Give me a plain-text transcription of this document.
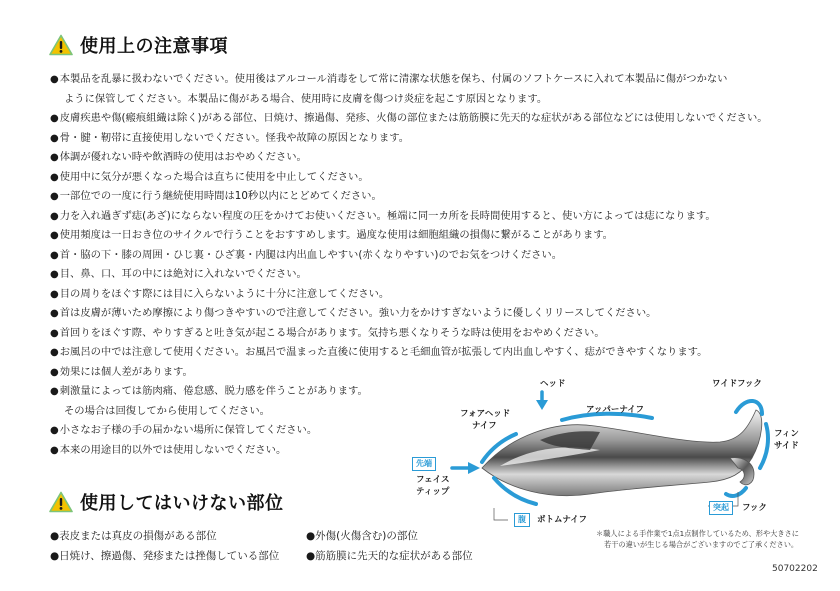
使用上の注意事項
●本製品を乱暴に扱わないでください。使用後はアルコール消毒をして常に清潔な状態を保ち、付属のソフトケースに入れて本製品に傷がつかない
ように保管してください。本製品に傷がある場合、使用時に皮膚を傷つけ炎症を起こす原因となります。
●皮膚疾患や傷(瘢痕組織は除く)がある部位、日焼け、擦過傷、発疹、火傷の部位または筋筋膜に先天的な症状がある部位などには使用しないでください。
●骨・腱・靭帯に直接使用しないでください。怪我や故障の原因となります。
●体調が優れない時や飲酒時の使用はおやめください。
●使用中に気分が悪くなった場合は直ちに使用を中止してください。
●一部位での一度に行う継続使用時間は10秒以内にとどめてください。
●力を入れ過ぎず痣(あざ)にならない程度の圧をかけてお使いください。極端に同一カ所を長時間使用すると、使い方によっては痣になります。
●使用頻度は一日おき位のサイクルで行うことをおすすめします。過度な使用は細胞組織の損傷に繋がることがあります。
●首・脇の下・膝の周囲・ひじ裏・ひざ裏・内腿は内出血しやすい(赤くなりやすい)のでお気をつけください。
●目、鼻、口、耳の中には絶対に入れないでください。
●目の周りをほぐす際には目に入らないように十分に注意してください。
●首は皮膚が薄いため摩擦により傷つきやすいので注意してください。強い力をかけすぎないように優しくリリースしてください。
●首回りをほぐす際、やりすぎると吐き気が起こる場合があります。気持ち悪くなりそうな時は使用をおやめください。
●お風呂の中では注意して使用ください。お風呂で温まった直後に使用すると毛細血管が拡張して内出血しやすく、痣ができやすくなります。
●効果には個人差があります。
●刺激量によっては筋肉痛、倦怠感、脱力感を伴うことがあります。
その場合は回復してから使用してください。
●小さなお子様の手の届かない場所に保管してください。
●本来の用途目的以外では使用しないでください。
使用してはいけない部位
●表皮または真皮の損傷がある部位
●日焼け、擦過傷、発疹または挫傷している部位
●外傷(火傷含む)の部位
●筋筋膜に先天的な症状がある部位
ヘッド	ワイドフック
フォアヘッド
ナイフ
アッパーナイフ
フィン
サイド
先端
フェイス
ティップ
腹	ボトムナイフ
突起	フック
＊職人による手作業で1点1点制作しているため、形や大きさに
若干の違いが生じる場合がございますのでご了承ください。
50702202
